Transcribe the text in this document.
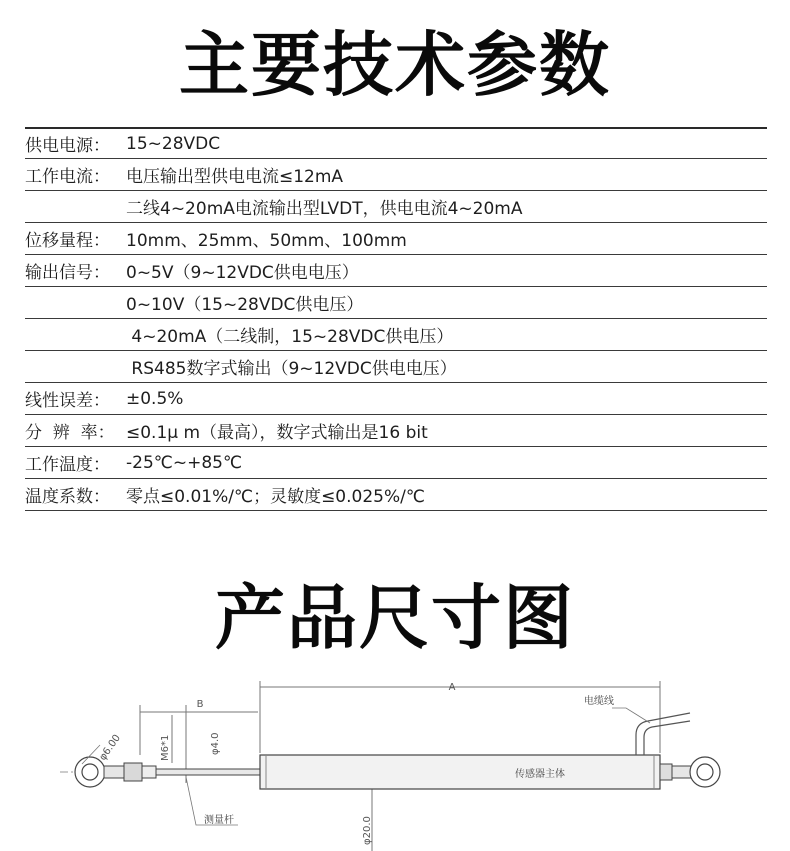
主要技术参数
供电电源： 15~28VDC
工作电流： 电压输出型供电电流≤12mA
二线4~20mA电流输出型LVDT，供电电流4~20mA
位移量程： 10mm、25mm、50mm、100mm
输出信号： 0~5V（9~12VDC供电电压）
0~10V（15~28VDC供电压）
4~20mA（二线制，15~28VDC供电压）
RS485数字式输出（9~12VDC供电电压）
线性误差： ±0.5%
分  辨  率： ≤0.1μ m（最高），数字式输出是16 bit
工作温度： -25℃~+85℃
温度系数： 零点≤0.01%/℃；灵敏度≤0.025%/℃
产品尺寸图
A
B
φ6.00	M6*1	φ4.0
φ20.0
电缆线
传感器主体
测量杆
